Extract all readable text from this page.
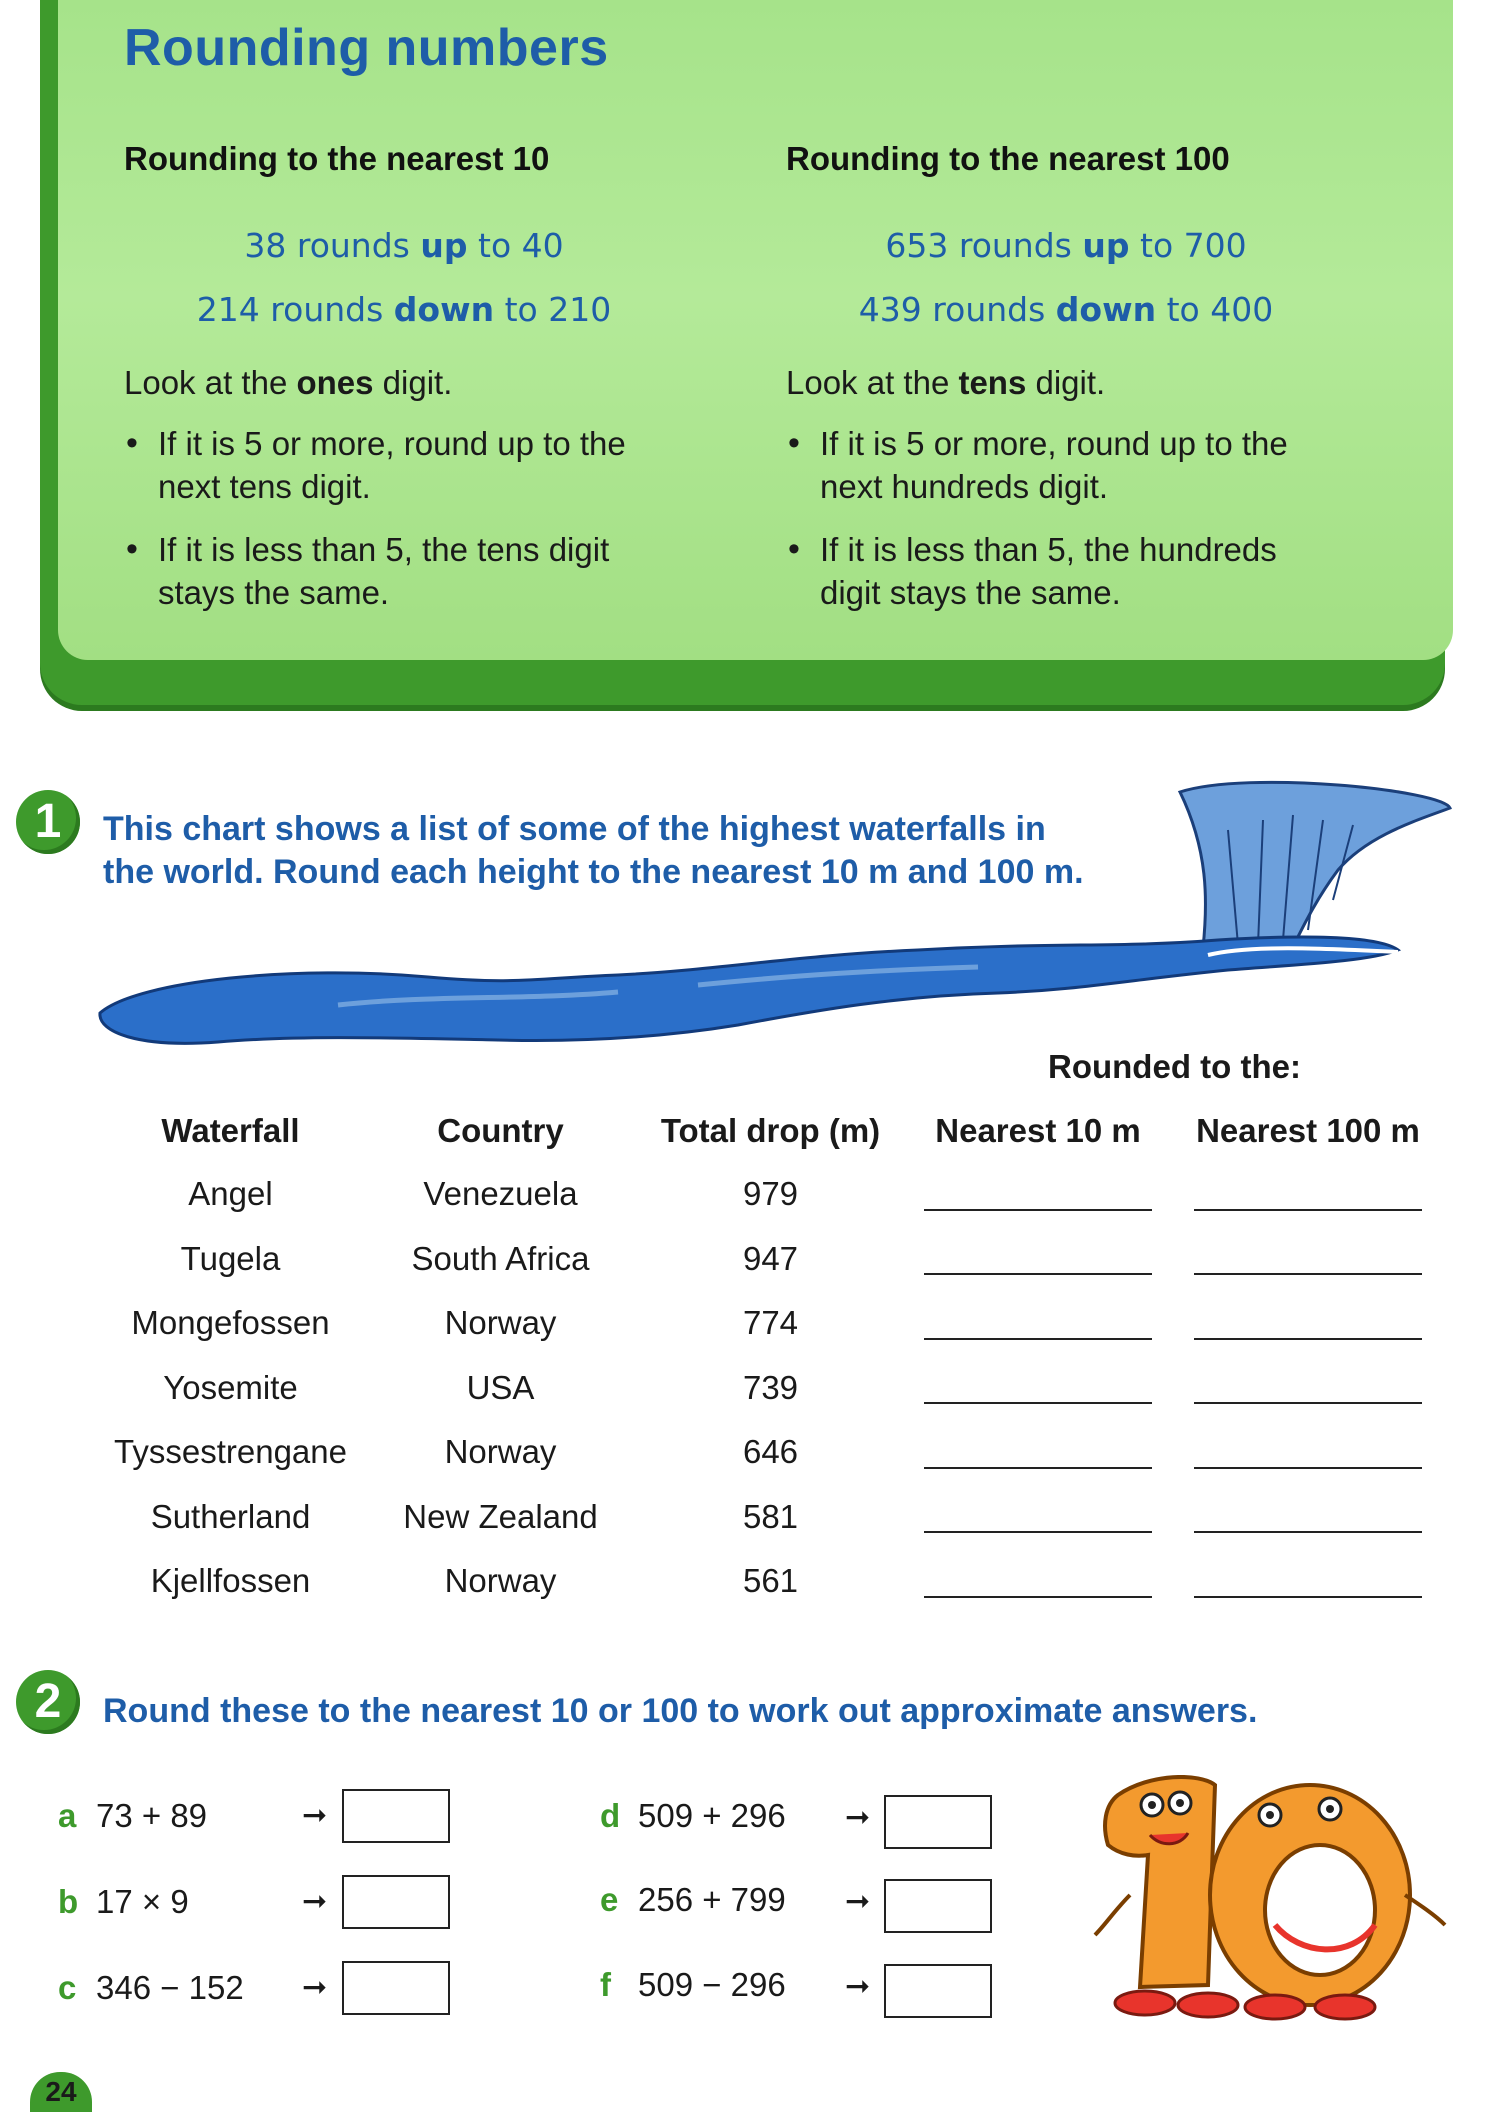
Rounding numbers
Rounding to the nearest 10
38 rounds up to 40
214 rounds down to 210
Look at the ones digit.
• If it is 5 or more, round up to the next tens digit.
• If it is less than 5, the tens digit stays the same.
Rounding to the nearest 100
653 rounds up to 700
439 rounds down to 400
Look at the tens digit.
• If it is 5 or more, round up to the next hundreds digit.
• If it is less than 5, the hundreds digit stays the same.
1	This chart shows a list of some of the highest waterfalls in
the world. Round each height to the nearest 10 m and 100 m.

Rounded to the:
Waterfall	Country	Total drop (m)	Nearest 10 m	Nearest 100 m
Angel	Venezuela	979		
Tugela	South Africa	947		
Mongefossen	Norway	774		
Yosemite	USA	739		
Tyssestrengane	Norway	646		
Sutherland	New Zealand	581		
Kjellfossen	Norway	561		
2	Round these to the nearest 10 or 100 to work out approximate answers.

a 73 + 89	➞
b 17 × 9	➞
c 346 − 152 ➞
d 509 + 296 ➞
e 256 + 799 ➞
f 509 − 296 ➞
24
